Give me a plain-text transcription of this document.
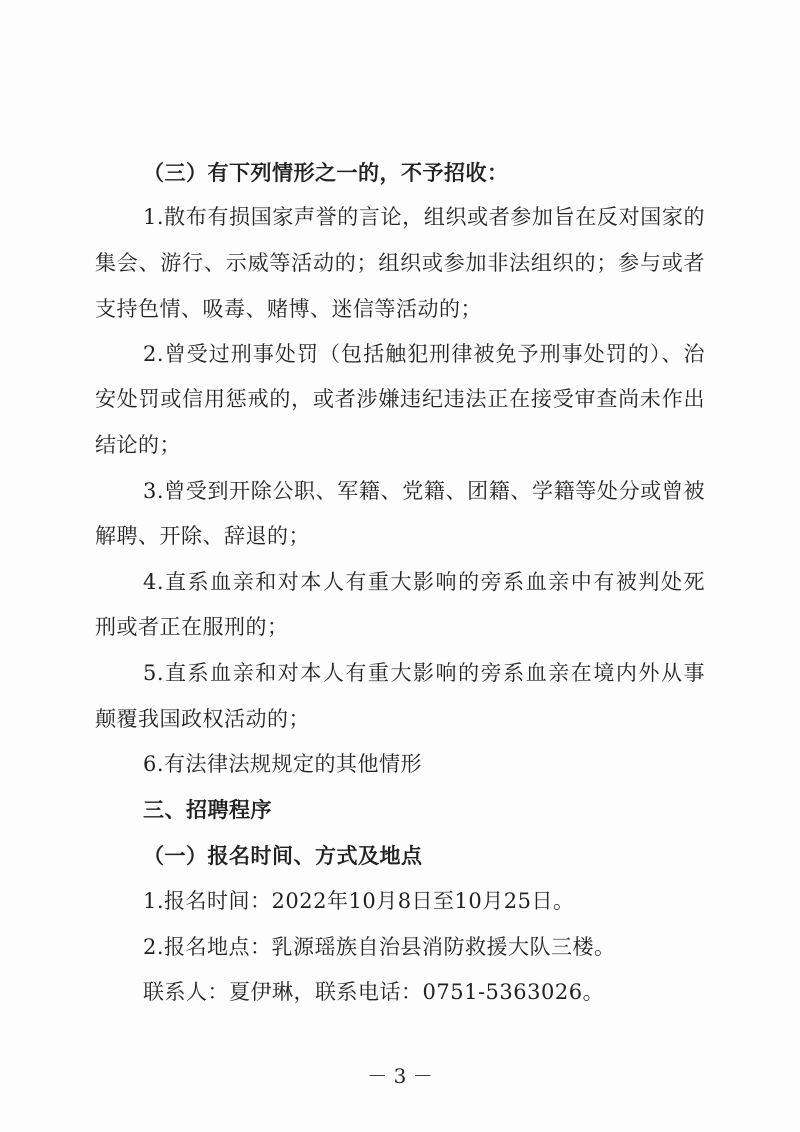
（三）有下列情形之一的，不予招收：
1.散布有损国家声誉的言论，组织或者参加旨在反对国家的
集会、游行、示威等活动的；组织或参加非法组织的；参与或者
支持色情、吸毒、赌博、迷信等活动的；
2.曾受过刑事处罚（包括触犯刑律被免予刑事处罚的）、治
安处罚或信用惩戒的，或者涉嫌违纪违法正在接受审查尚未作出
结论的；
3.曾受到开除公职、军籍、党籍、团籍、学籍等处分或曾被
解聘、开除、辞退的；
4.直系血亲和对本人有重大影响的旁系血亲中有被判处死
刑或者正在服刑的；
5.直系血亲和对本人有重大影响的旁系血亲在境内外从事
颠覆我国政权活动的；
6.有法律法规规定的其他情形
三、招聘程序
（一）报名时间、方式及地点
1.报名时间：2022年10月8日至10月25日。
2.报名地点：乳源瑶族自治县消防救援大队三楼。
联系人：夏伊琳，联系电话：0751-5363026。
－ 3 －
